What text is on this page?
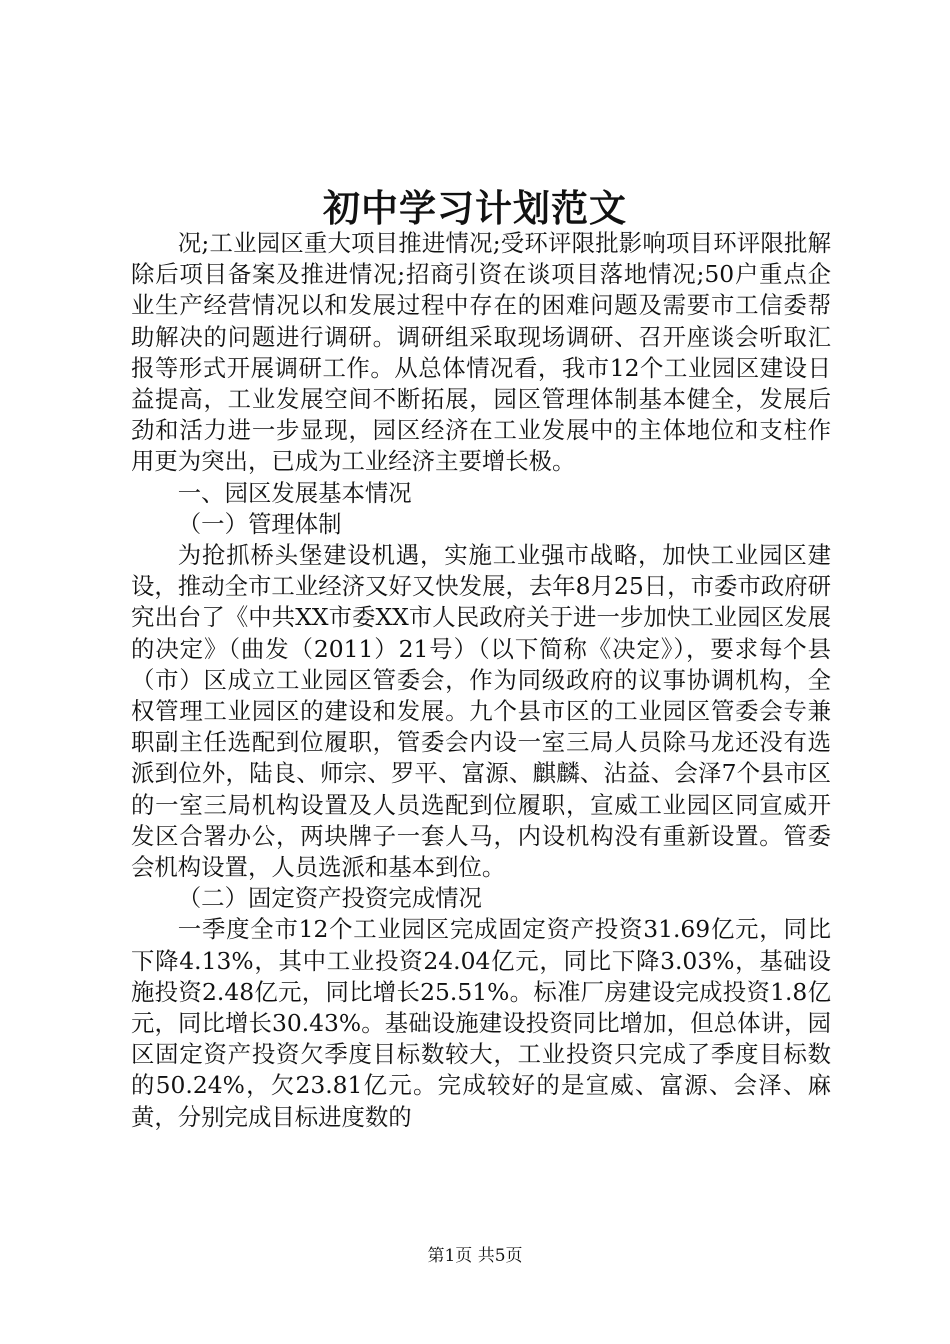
初中学习计划范文

况;工业园区重大项目推进情况;受环评限批影响项目环评限批解除后项目备案及推进情况;招商引资在谈项目落地情况;50户重点企业生产经营情况以和发展过程中存在的困难问题及需要市工信委帮助解决的问题进行调研。调研组采取现场调研、召开座谈会听取汇报等形式开展调研工作。从总体情况看，我市12个工业园区建设日益提高，工业发展空间不断拓展，园区管理体制基本健全，发展后劲和活力进一步显现，园区经济在工业发展中的主体地位和支柱作用更为突出，已成为工业经济主要增长极。

一、园区发展基本情况

（一）管理体制

为抢抓桥头堡建设机遇，实施工业强市战略，加快工业园区建设，推动全市工业经济又好又快发展，去年8月25日，市委市政府研究出台了《中共XX市委XX市人民政府关于进一步加快工业园区发展的决定》（曲发（2011）21号）（以下简称《决定》），要求每个县（市）区成立工业园区管委会，作为同级政府的议事协调机构，全权管理工业园区的建设和发展。九个县市区的工业园区管委会专兼职副主任选配到位履职，管委会内设一室三局人员除马龙还没有选派到位外，陆良、师宗、罗平、富源、麒麟、沾益、会泽7个县市区的一室三局机构设置及人员选配到位履职，宣威工业园区同宣威开发区合署办公，两块牌子一套人马，内设机构没有重新设置。管委会机构设置，人员选派和基本到位。

（二）固定资产投资完成情况

一季度全市12个工业园区完成固定资产投资31.69亿元，同比下降4.13%，其中工业投资24.04亿元，同比下降3.03%，基础设施投资2.48亿元，同比增长25.51%。标准厂房建设完成投资1.8亿元，同比增长30.43%。基础设施建设投资同比增加，但总体讲，园区固定资产投资欠季度目标数较大，工业投资只完成了季度目标数的50.24%，欠23.81亿元。完成较好的是宣威、富源、会泽、麻黄，分别完成目标进度数的

第1页 共5页
